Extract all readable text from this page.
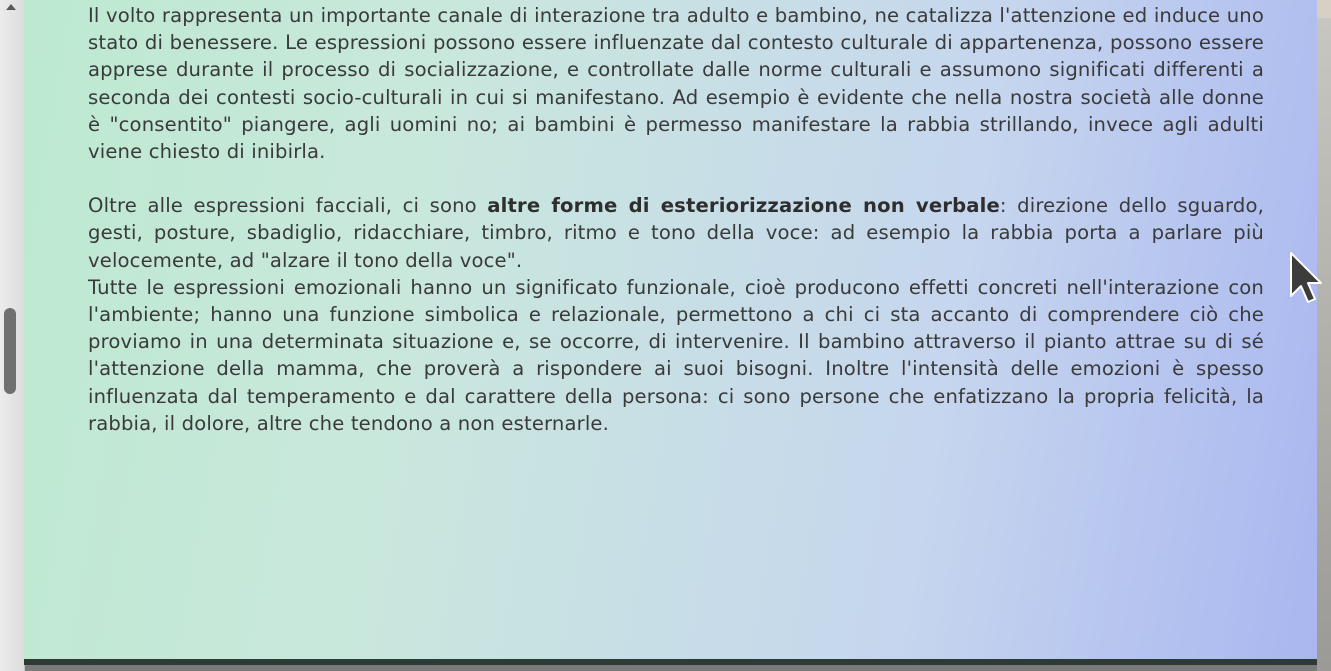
Il volto rappresenta un importante canale di interazione tra adulto e bambino, ne catalizza l'attenzione ed induce uno stato di benessere. Le espressioni possono essere influenzate dal contesto culturale di appartenenza, possono essere apprese durante il processo di socializzazione, e controllate dalle norme culturali e assumono significati differenti a seconda dei contesti socio-culturali in cui si manifestano. Ad esempio è evidente che nella nostra società alle donne è "consentito" piangere, agli uomini no; ai bambini è permesso manifestare la rabbia strillando, invece agli adulti viene chiesto di inibirla.

Oltre alle espressioni facciali, ci sono altre forme di esteriorizzazione non verbale: direzione dello sguardo, gesti, posture, sbadiglio, ridacchiare, timbro, ritmo e tono della voce: ad esempio la rabbia porta a parlare più velocemente, ad "alzare il tono della voce".

Tutte le espressioni emozionali hanno un significato funzionale, cioè producono effetti concreti nell'interazione con l'ambiente; hanno una funzione simbolica e relazionale, permettono a chi ci sta accanto di comprendere ciò che proviamo in una determinata situazione e, se occorre, di intervenire. Il bambino attraverso il pianto attrae su di sé l'attenzione della mamma, che proverà a rispondere ai suoi bisogni. Inoltre l'intensità delle emozioni è spesso influenzata dal temperamento e dal carattere della persona: ci sono persone che enfatizzano la propria felicità, la rabbia, il dolore, altre che tendono a non esternarle.
